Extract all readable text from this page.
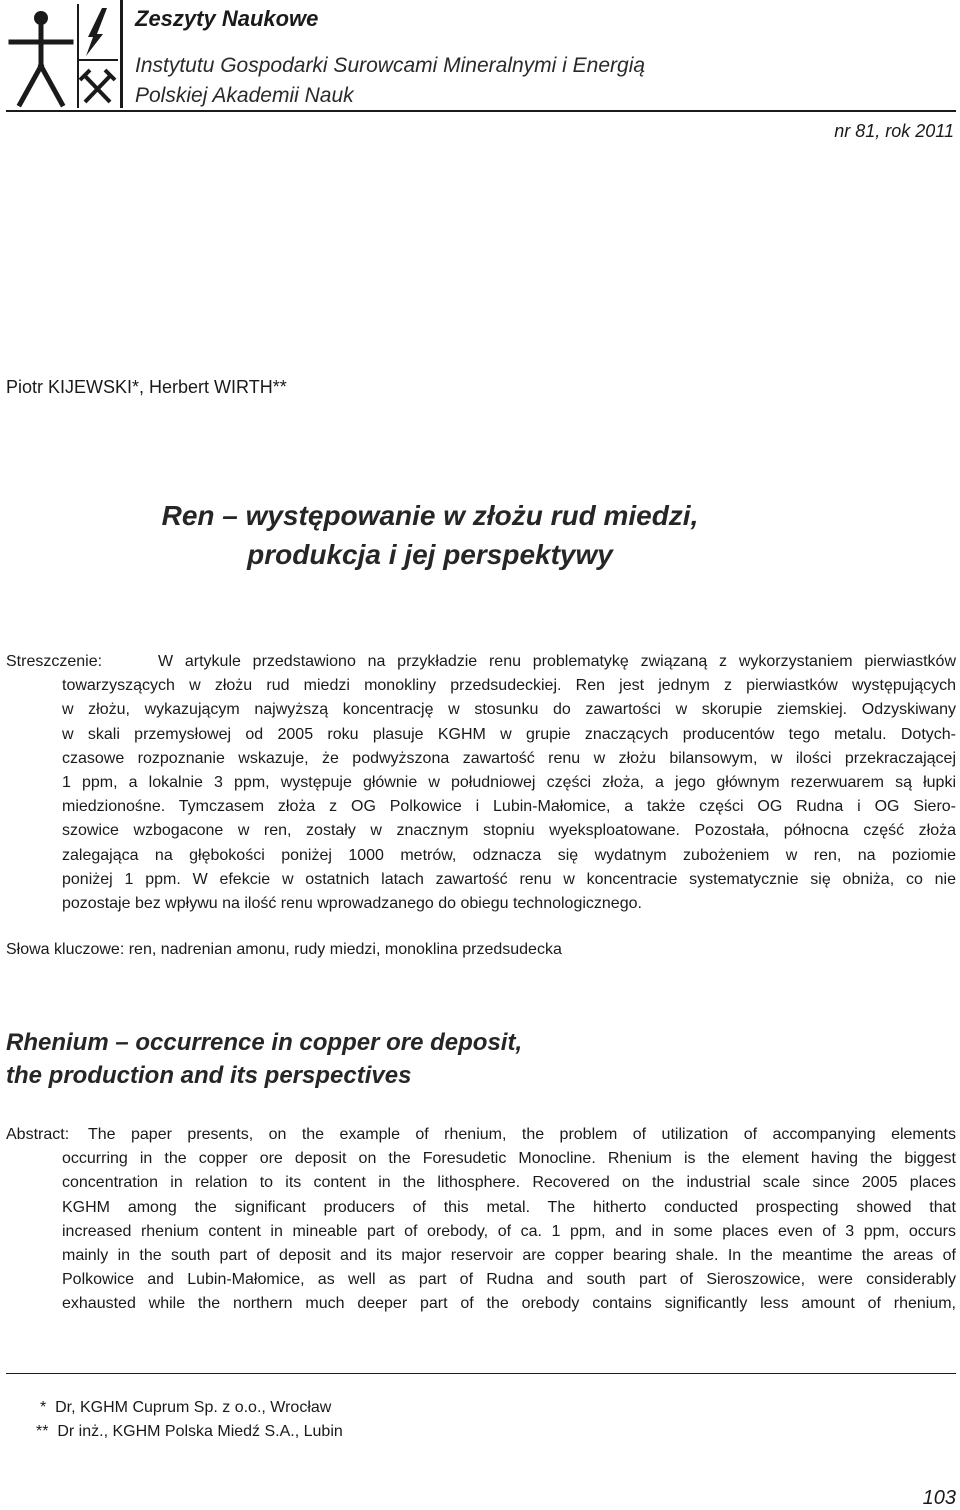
Zeszyty Naukowe
Instytutu Gospodarki Surowcami Mineralnymi i Energią
Polskiej Akademii Nauk
nr 81, rok 2011
Piotr KIJEWSKI*, Herbert WIRTH**
Ren – występowanie w złożu rud miedzi,
produkcja i jej perspektywy
Streszczenie:	W artykule przedstawiono na przykładzie renu problematykę związaną z wykorzystaniem pierwiastków
towarzyszących w złożu rud miedzi monokliny przedsudeckiej. Ren jest jednym z pierwiastków występujących
w złożu, wykazującym najwyższą koncentrację w stosunku do zawartości w skorupie ziemskiej. Odzyskiwany
w skali przemysłowej od 2005 roku plasuje KGHM w grupie znaczących producentów tego metalu. Dotych-
czasowe rozpoznanie wskazuje, że podwyższona zawartość renu w złożu bilansowym, w ilości przekraczającej
1 ppm, a lokalnie 3 ppm, występuje głównie w południowej części złoża, a jego głównym rezerwuarem są łupki
miedzionośne. Tymczasem złoża z OG Polkowice i Lubin-Małomice, a także części OG Rudna i OG Siero-
szowice wzbogacone w ren, zostały w znacznym stopniu wyeksploatowane. Pozostała, północna część złoża
zalegająca na głębokości poniżej 1000 metrów, odznacza się wydatnym zubożeniem w ren, na poziomie
poniżej 1 ppm. W efekcie w ostatnich latach zawartość renu w koncentracie systematycznie się obniża, co nie
pozostaje bez wpływu na ilość renu wprowadzanego do obiegu technologicznego.
Słowa kluczowe: ren, nadrenian amonu, rudy miedzi, monoklina przedsudecka
Rhenium – occurrence in copper ore deposit,
the production and its perspectives
Abstract: The paper presents, on the example of rhenium, the problem of utilization of accompanying elements
occurring in the copper ore deposit on the Foresudetic Monocline. Rhenium is the element having the biggest
concentration in relation to its content in the lithosphere. Recovered on the industrial scale since 2005 places
KGHM among the significant producers of this metal. The hitherto conducted prospecting showed that
increased rhenium content in mineable part of orebody, of ca. 1 ppm, and in some places even of 3 ppm, occurs
mainly in the south part of deposit and its major reservoir are copper bearing shale. In the meantime the areas of
Polkowice and Lubin-Małomice, as well as part of Rudna and south part of Sieroszowice, were considerably
exhausted while the northern much deeper part of the orebody contains significantly less amount of rhenium,
*  Dr, KGHM Cuprum Sp. z o.o., Wrocław
**  Dr inż., KGHM Polska Miedź S.A., Lubin
103
